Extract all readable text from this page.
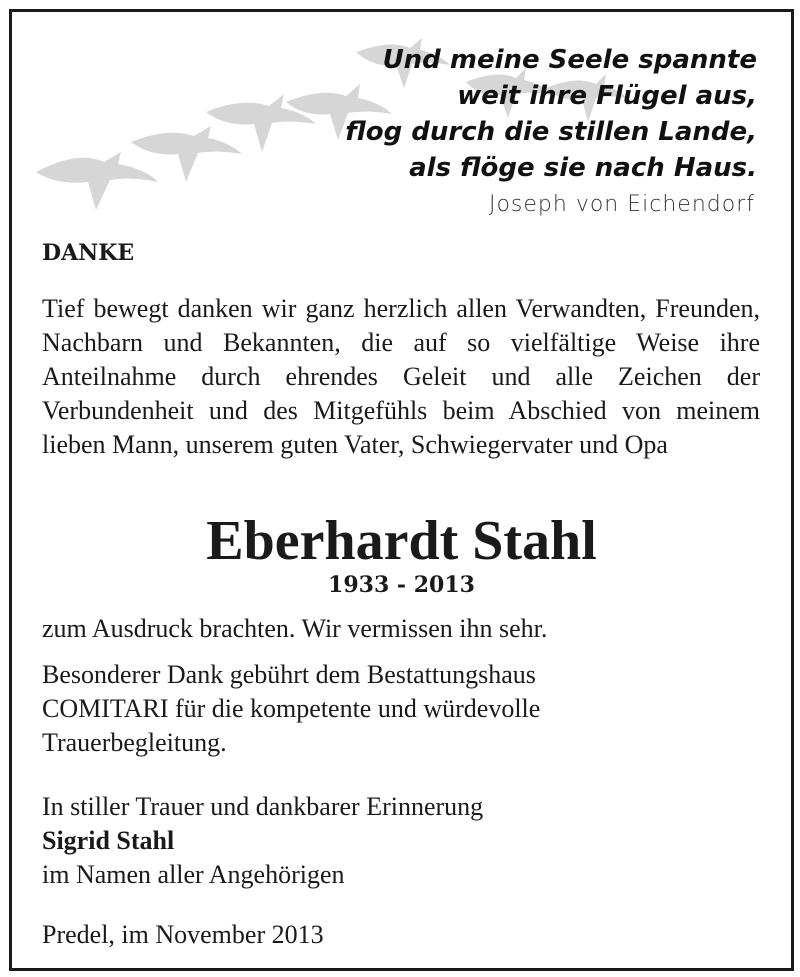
Und meine Seele spannte
weit ihre Flügel aus,
flog durch die stillen Lande,
als flöge sie nach Haus.
Joseph von Eichendorf
DANKE
Tief bewegt danken wir ganz herzlich allen Verwandten, Freunden, Nachbarn und Bekannten, die auf so vielfältige Weise ihre Anteilnahme durch ehrendes Geleit und alle Zeichen der Verbundenheit und des Mitgefühls beim Abschied von meinem lieben Mann, unserem guten Vater, Schwiegervater und Opa
Eberhardt Stahl
1933 - 2013
zum Ausdruck brachten. Wir vermissen ihn sehr.
Besonderer Dank gebührt dem Bestattungshaus
COMITARI für die kompetente und würdevolle
Trauerbegleitung.
In stiller Trauer und dankbarer Erinnerung
Sigrid Stahl
im Namen aller Angehörigen
Predel, im November 2013
